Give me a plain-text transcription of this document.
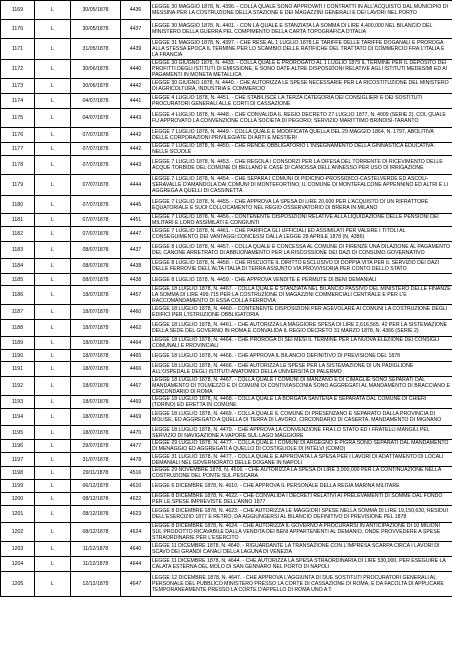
1169	L	30/05/1878	4436	LEGGE 30 MAGGIO 1878, N. 4396. - COLLA QUALE SONO APPROVATI I CONTRATTI IN ALL'ACQUISTO DAL MUNICIPIO DI MESSINA PER LA COSTRUZIONE DELLA STAZIONE E DEI MAGAZZINI GENERALI E DEI LAVORI NEL PORTO
1170	L	30/05/1878	4437	LEGGE 30 MAGGIO 1878, N. 4401. - CON LA QUALE E STANZIATA LA SOMMA DI LIRE 4,400,000 NEL BILANCIO DEL MINISTERO DELLA GUERRA PEL COMPIMENTO DELLA CARTA TOPOGRAFICA D'ITALIA
1171	L	31/05/1878	4439	LEGGE 31 MAGGIO 1878, N. 4397. - CHE RESE AL 1 LUGLIO 1878 LE TARIFFE DELLE TARIFFE DOGANALI E PROROGA ALLA STESSA EPOCA IL TERMINE PER LO SCAMBIO DELLE RATIFICHE DEL TRATTATO DI COMMERCIO FRA L'ITALIA E LA FRANCIA
1172	L	30/06/1878	4440	LEGGE 30 GIUGNO 1878, N. 4433. - COLLA QUALE E PROROGATO AL 1 LUGLIO 1879 IL TERMINE PER IL DEPOSITO DEI PROFITTI DEGLI ISTITUTI DI EMISSIONE, E SONO DATE ALTRE DISPOSIZIONI RELATIVE AGLI ISTITUTI MEDESIMI ED AI PAGAMENTI IN MONETA METALLICA
1173	L	30/06/1878	4442	LEGGE 30 GIUGNO 1878, N. 4440. - CHE AUTORIZZA LE SPESE NECESSARIE PER LA RICOSTITUZIONE DEL MINISTERO DI AGRICOLTURA, INDUSTRIA E COMMERCIO
1174	L	04/07/1878	4441	LEGGE 4 LUGLIO 1878, N. 4451. - CHE STABILISCE LA TERZA CATEGORIA DEI CONSIGLIERI E DEI SOSTITUTI PROCURATORI GENERALI ALLE CORTI DI CASSAZIONE
1175	L	04/07/1878	4443	LEGGE 4 LUGLIO 1878, N. 4448. - CHE CONVALIDA IL REGIO DECRETO 27 LUGLIO 1877, N. 4009 (SERIE 2), COL QUALE FU APPROVATO LA CONVENZIONE COLLA SOCIETA DI PEGORO; SERVIZIO MARITTIMO BRINDISI-TARANTO
1176	L	07/07/1878	4442	LEGGE 7 LUGLIO 1878, N. 4449. - COLLA QUALE E MODIFICATA QUELLA DEL 29 MAGGIO 1864, N. 1797, ABOLITIVA DELLE CORPORAZIONI PRIVILEGIATE DI ARTI E MESTIERI
1177	L	07/07/1878	4442	LEGGE 7 LUGLIO 1878, N. 4450. - CHE RENDE OBBLIGATORIO L'INSEGNAMENTO DELLA GINNASTICA EDUCATIVA NELLE SCUOLE
1178	L	07/07/1878	4443	LEGGE 7 LUGLIO 1878, N. 4453. - CHE REGOLA I CONSORZI PER LA DIFESA DEL TORRENTE DI RICEVIMENTO DELLE ACQUE TORBIDE DEL COMUNE DI BELLANO E CASE DI CANOSSA DELL'ANNESSO PER USO DI IRRIGAZIONE
1179	L	07/07/1878	4444	LEGGE 7 LUGLIO 1878, N. 4454. - CHE SEPARA I COMUNI DI PIDICINO-PROSSIDICO-CASTELVERDE ED ASCOLI-SERAVALLE D'AMANDOLA DAI COMUNI DI MONTEFORTINO, IL COMUNE DI MONTEFALCONE APPENNINO ED ALTRI E LI AGGREGA A QUELLI DI CASSINETTA
1180	L	07/07/1878	4445	LEGGE 7 LUGLIO 1878, N. 4455. - CHE APPROVA LA SPESA DI LIRE 20,600 PER L'ACQUISTO DI UN RIFRATTORE EQUATORIALE E SUOI COLLOCAMENTO NEL REGIO OSSERVATORIO DI BRERA IN MILANO
1181	L	07/07/1878	4451	LEGGE 7 LUGLIO 1878, N. 4456. - CONTENENTE DISPOSIZIONI RELATIVE ALLA LIQUIDAZIONE DELLE PENSIONI DEI MILITARI E LORO ASSIMILATI E CONGIUNTI
1182	L	07/07/1878	4447	LEGGE 7 LUGLIO 1878, N. 4461. - CHE PARIFICA GLI UFFICIALI ED ASSIMILATI PER VALERE I TITOLI AL CONSEGUIMENTO DEI VANTAGGI CONCESSI DALLA LEGGE 28 APRILE 1878 (N. 4386)
1183	L	08/07/1878	4437	LEGGE 8 LUGLIO 1878, N. 4457. - COLLA QUALE E CONCESSA AL COMUNE DI FIRENZE UNA DILAZIONE AL PAGAMENTO DEL CANONE ARRETRATO DI ABBUONAMENTO PER LA RISCOSSIONE DEI DAZI DI CONSUMO GOVERNATIVO
1184	L	08/07/1878	4438	LEGGE 8 LUGLIO 1878, N. 4458. - CHE RISCUOTE IL DIRITTO ESCLUSIVO DI DOPPIA VITA PER IL SERVIZIO DEI DAZI DELLE FERROVIE DELL'ALTA ITALIA DI TERRA ASSUNTO VIA PROVVISORIA PER CONTO DELLO STATO
1185	L	08/07/1878	4438	LEGGE 8 LUGLIO 1878, N. 4459. - CHE APPROVA VENDITE E PERMUTE DI BENI DEMANIALI
1186	L	18/07/1878	4457	LEGGE 18 LUGLIO 1878, N. 4467. - COLLA QUALE E STANZIATA NEL BILANCIO PASSIVO DEL MINISTERO DELLE FINANZE LA SOMMA DI LIRE 499,715 PER LA COSTRUZIONE DI MAGAZZINI COMMERCIALI CENTRALE E PER L'E RACCOMANDAMENTO DI ESSA COLLA FERROVIA
1187	L	18/07/1878	4460	LEGGE 18 LUGLIO 1878, N. 4460. - CONTENENTE DISPOSIZIONI PER AGEVOLARE AI COMUNI LA COSTRUZIONE DEGLI EDIFICI PER L'ISTRUZIONE OBBLIGATORIA
1188	L	18/07/1878	4462	LEGGE 18 LUGLIO 1878, N. 4461. - CHE AUTORIZZA LA MAGGIORE SPESA DI LIRE 2,616,565. 42 PER LA SISTEMAZIONE DELLA SEDE DEL GOVERNO IN ROMA E CONVALIDA IL REGIO DECRETO 31 MARZO 1878, N. 4366 (SERIE 2)
1189	L	18/07/1878	4464	LEGGE 18 LUGLIO 1878, N. 4464. - CHE PROROGA DI SEI MESI IL TERMINE PER LA NUOVA ELEZIONE DEI CONSIGLI COMUNALI E PROVINCIALI
1190	L	18/07/1878	4465	LEGGE 18 LUGLIO 1878, N. 4466. - CHE APPROVA IL BILANCIO DEFINITIVO DI PREVISIONE DEL 1878
1191	L	18/07/1878	4466	LEGGE 18 LUGLIO 1878, N. 4466. - CHE AUTORIZZA LE SPESE PER LA SISTEMAZIONE DI UN PADIGLIONE ALL'OSPEDALE DEGLI ISTITUTI ANATOMICI DELLA UNIVERSITA DI PALERMO
1192	L	18/07/1878	4467	LEGGE 18 LUGLIO 1878, N. 4467. - COLLA QUALE I COMUNI DI MANZANO E DI CIMAGLIE SONO SEPARATI DAL MANDAMENTO DI TOLMEZZO E DI COMUNI DI CONTIVIASCONIA SONO AGGREGATI AL MANDAMENTO DI BRACCIANO E CIRCONDARIO DI ROMA
1193	L	18/07/1878	4469	LEGGE 18 LUGLIO 1878, N. 4468. - COLLA QUALE LA BORGATA SANTENA E SEPARATA DAL COMUNE DI CHIERI (TORINO) ED ERETTA IN COMUNE
1194	L	18/07/1878	4469	LEGGE 18 LUGLIO 1878, N. 4469. - COLLA QUALE IL COMUNE DI PRESENZANO E SEPARATO DALLA PROVINCIA DI MOLISE, ED AGGREGATO A QUELLA DI TERRA DI LAVORO, CIRCONDARIO DI CASERTA, MANDAMENTO DI MIGNANO
1195	L	18/07/1878	4470	LEGGE 18 LUGLIO 1878, N. 4470. - CHE APPROVA LA CONVENZIONE FRA LO STATO ED I FRATELLI MANGILI PEL SERVIZIO DI NAVIGAZIONE A VAPORE SUL LAGO MAGGIORE
1196	L	29/07/1878	4477	LEGGE 29 LUGLIO 1878, N. 4477. - COLLA QUALE I COMUNI DI ARGEGNO E PIGRA SONO SEPARATI DAL MANDAMENTO DI MENAGGIO ED AGGREGATI A QUELLO DI COSTIGLIOLE DI INTELVI (COMO)
1197	L	31/07/1878	4478	LEGGE 31 LUGLIO 1878, N. 4477. - COLLA QUALE E APPROVATA LA SPESA PER I LAVORI DI ADATTAMENTO DI LOCALI DEMANIALI NEL GOVERNORATO DELLE DOGANE IN NAPOLI
1198	L	29/11/1878	4516	LEGGE 29 NOVEMBRE 1878, N. 4516. - CHE AUTORIZZA LA SPESA DI LIRE 3,000,000 PER LA CONTINUAZIONE NELLA COSTRUZIONE DEL PONTE SUL PESCARA
1199	L	06/12/1878	4610	LEGGE 6 DICEMBRE 1878, N. 4610. - CHE APPROVA IL PERSONALE DELLA REGIA MARINA MILITARE
1200	L	08/12/1878	4622	LEGGE 8 DICEMBRE 1878, N. 4622. - CHE CONVALIDA I DECRETI RELATIVI AI PRELEVAMENTI DI SOMME DAL FONDO PER LE SPESE IMPREVISTE DELL'ANNO 1877
1201	L	08/12/1878	4623	LEGGE 8 DICEMBRE 1878, N. 4623. - CHE AUTORIZZA LE MAGGIORI SPESE NELLA SOMMA DI LIRE 19,150,630, RESIDUI DELL'ESERCIZIO 1877 E RETRO, DA AGGIUNGERSI AL BILANCIO DEFINITIVO DI PREVISIONE PEL 1878
1202	L	08/12/1878	4624	LEGGE 8 DICEMBRE 1878, N. 4624. - CHE AUTORIZZA IL GOVERNO A PROCURARSI IN ANTICIPAZIONE DI 10 MILIONI SUL PRODOTTO RICAVABILE DALLA VENDITA DEI BENI APPARTENENTI AL DEMANIO, ONDE PROVVEDERE A SPESE STRAORDINARIE PER L'ESERCITO
1203	L	11/12/1878	4640	LEGGE 11 DICEMBRE 1878, N. 4640. - RIGUARDANTE LA TRANSAZIONE CON L'IMPRESA SCARPA CIRCA I LAVORI DI SCAVO DEI GRANDI CANALI DELLA LAGUNA DI VENEZIA
1204	L	11/12/1878	4644	LEGGE 11 DICEMBRE 1878, N. 4644. - CHE AUTORIZZA LA SPESA STRAORDINARIA DI LIRE 530,000, PER ESEGUIRE LA CALATA ESTERNA DEL MOLO DI SAN GENNARO NEL PORTO DI NAPOLI
1205	L	12/12/1878	4647	LEGGE 12 DICEMBRE 1878, N. 4647. - CHE APPROVA L'AGGIUNTA DI DUE SOSTITUTI PROCURATORI GENERALI AL PERSONALE DEL PUBBLICO MINISTERO PRESSO LA CORTE DI CASSAZIONE DI ROMA, E DA FACOLTA DI APPLICARE TEMPORANEAMENTE PRESSO LA CORTE D'APPELLO DI ROMA UNO A T
